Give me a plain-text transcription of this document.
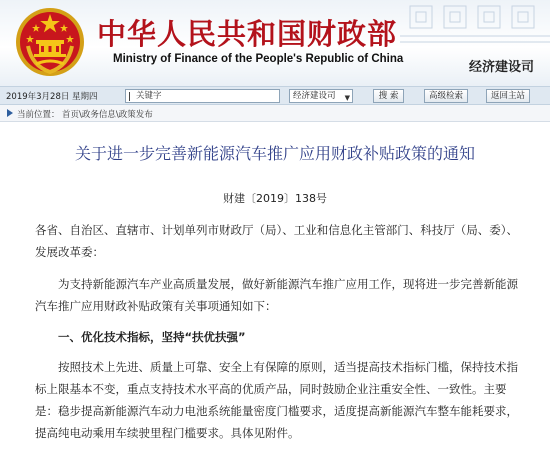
中华人民共和国财政部
Ministry of Finance of the People's Republic of China
经济建设司
2019年3月28日 星期四	关键字	经济建设司 ▼	搜 索	高级检索	返回主站
当前位置： 首页\政务信息\政策发布
关于进一步完善新能源汽车推广应用财政补贴政策的通知
财建〔2019〕138号
各省、自治区、直辖市、计划单列市财政厅（局）、工业和信息化主管部门、科技厅（局、委）、发展改革委：
为支持新能源汽车产业高质量发展，做好新能源汽车推广应用工作，现将进一步完善新能源汽车推广应用财政补贴政策有关事项通知如下：
一、优化技术指标，坚持“扶优扶强”
按照技术上先进、质量上可靠、安全上有保障的原则，适当提高技术指标门槛，保持技术指标上限基本不变，重点支持技术水平高的优质产品，同时鼓励企业注重安全性、一致性。主要是：稳步提高新能源汽车动力电池系统能量密度门槛要求，适度提高新能源汽车整车能耗要求，提高纯电动乘用车续驶里程门槛要求。具体见附件。
